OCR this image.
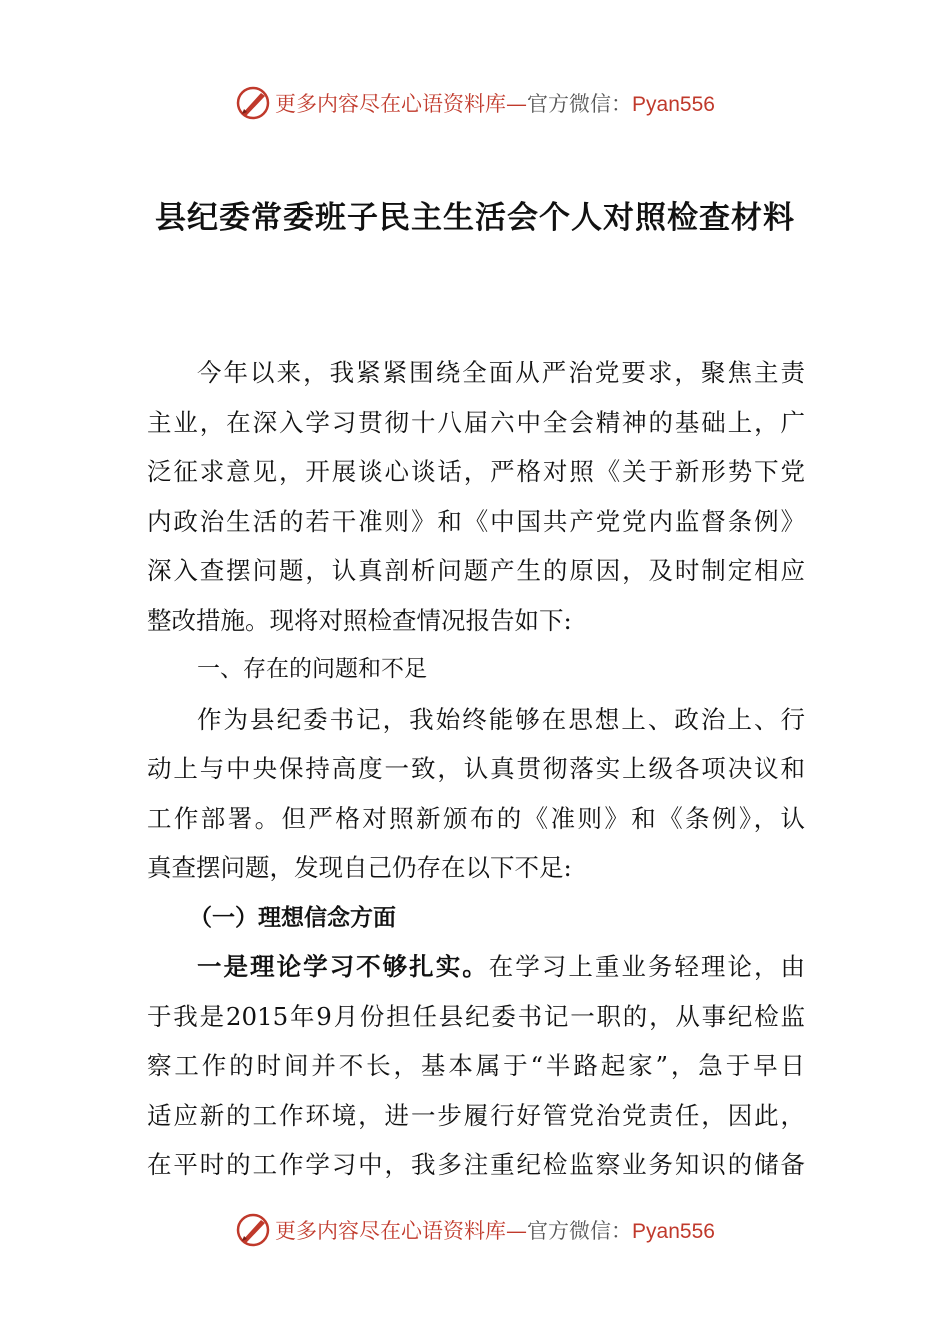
更多内容尽在心语资料库—官方微信：Pyan556
县纪委常委班子民主生活会个人对照检查材料
今年以来，我紧紧围绕全面从严治党要求，聚焦主责
主业，在深入学习贯彻十八届六中全会精神的基础上，广
泛征求意见，开展谈心谈话，严格对照《关于新形势下党
内政治生活的若干准则》和《中国共产党党内监督条例》
深入查摆问题，认真剖析问题产生的原因，及时制定相应
整改措施。现将对照检查情况报告如下:
一、存在的问题和不足
作为县纪委书记，我始终能够在思想上、政治上、行
动上与中央保持高度一致，认真贯彻落实上级各项决议和
工作部署。但严格对照新颁布的《准则》和《条例》，认
真查摆问题，发现自己仍存在以下不足:
（一）理想信念方面
一是理论学习不够扎实。在学习上重业务轻理论，由
于我是2015年9月份担任县纪委书记一职的，从事纪检监
察工作的时间并不长，基本属于“半路起家”，急于早日
适应新的工作环境，进一步履行好管党治党责任，因此，
在平时的工作学习中，我多注重纪检监察业务知识的储备
更多内容尽在心语资料库—官方微信：Pyan556
